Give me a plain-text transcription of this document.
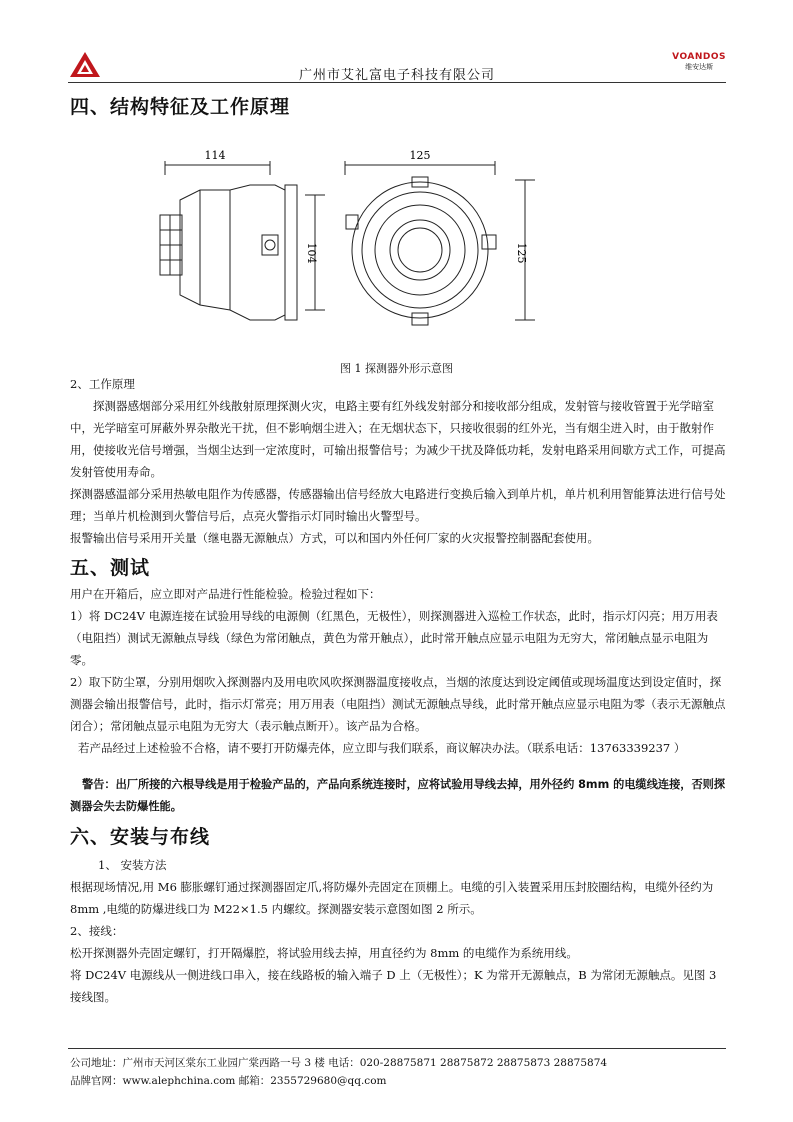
广州市艾礼富电子科技有限公司
VOANDOS
维安达斯
四、结构特征及工作原理
114
104
125
125
图 1 探测器外形示意图
2、工作原理

探测器感烟部分采用红外线散射原理探测火灾，电路主要有红外线发射部分和接收部分组成，发射管与接收管置于光学暗室中，光学暗室可屏蔽外界杂散光干扰，但不影响烟尘进入；在无烟状态下，只接收很弱的红外光，当有烟尘进入时，由于散射作用，使接收光信号增强，当烟尘达到一定浓度时，可输出报警信号；为减少干扰及降低功耗，发射电路采用间歇方式工作，可提高发射管使用寿命。

探测器感温部分采用热敏电阻作为传感器，传感器输出信号经放大电路进行变换后输入到单片机，单片机利用智能算法进行信号处理；当单片机检测到火警信号后，点亮火警指示灯同时输出火警型号。

报警输出信号采用开关量（继电器无源触点）方式，可以和国内外任何厂家的火灾报警控制器配套使用。

五、测试

用户在开箱后，应立即对产品进行性能检验。检验过程如下：

1）将 DC24V 电源连接在试验用导线的电源侧（红黑色，无极性），则探测器进入巡检工作状态，此时，指示灯闪亮；用万用表（电阻挡）测试无源触点导线（绿色为常闭触点，黄色为常开触点），此时常开触点应显示电阻为无穷大，常闭触点显示电阻为零。

2）取下防尘罩，分别用烟吹入探测器内及用电吹风吹探测器温度接收点，当烟的浓度达到设定阈值或现场温度达到设定值时，探测器会输出报警信号，此时，指示灯常亮；用万用表（电阻挡）测试无源触点导线，此时常开触点应显示电阻为零（表示无源触点闭合）；常闭触点显示电阻为无穷大（表示触点断开）。该产品为合格。

若产品经过上述检验不合格，请不要打开防爆壳体，应立即与我们联系，商议解决办法。（联系电话：13763339237 ）

警告：出厂所接的六根导线是用于检验产品的，产品向系统连接时，应将试验用导线去掉，用外径约 8mm 的电缆线连接，否则探测器会失去防爆性能。

六、安装与布线

1、 安装方法

根据现场情况,用 M6 膨胀螺钉通过探测器固定爪,将防爆外壳固定在顶棚上。电缆的引入装置采用压封胶圈结构，电缆外径约为 8mm ,电缆的防爆进线口为 M22×1.5 内螺纹。探测器安装示意图如图 2 所示。

2、接线：

松开探测器外壳固定螺钉，打开隔爆腔，将试验用线去掉，用直径约为 8mm 的电缆作为系统用线。

将 DC24V 电源线从一侧进线口串入，接在线路板的输入端子 D 上（无极性）；K 为常开无源触点，B 为常闭无源触点。见图 3 接线图。

公司地址：广州市天河区棠东工业园广棠西路一号 3 楼 电话：020-28875871 28875872 28875873 28875874
品牌官网：www.alephchina.com 邮箱：2355729680@qq.com
